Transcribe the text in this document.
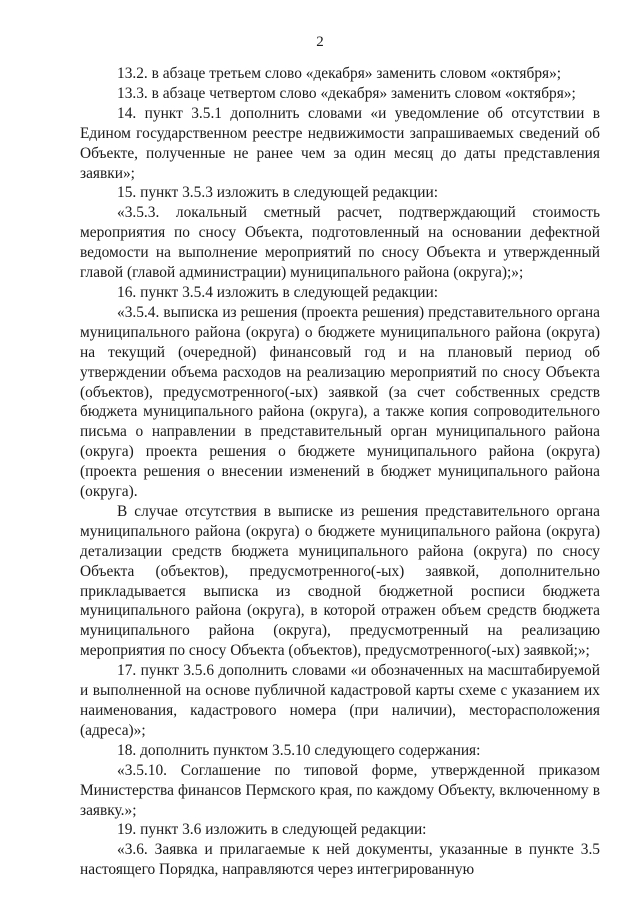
2

13.2. в абзаце третьем слово «декабря» заменить словом «октября»;

13.3. в абзаце четвертом слово «декабря» заменить словом «октября»;

14. пункт 3.5.1 дополнить словами «и уведомление об отсутствии в Едином государственном реестре недвижимости запрашиваемых сведений об Объекте, полученные не ранее чем за один месяц до даты представления заявки»;

15. пункт 3.5.3 изложить в следующей редакции:

«3.5.3. локальный сметный расчет, подтверждающий стоимость мероприятия по сносу Объекта, подготовленный на основании дефектной ведомости на выполнение мероприятий по сносу Объекта и утвержденный главой (главой администрации) муниципального района (округа);»;

16. пункт 3.5.4 изложить в следующей редакции:

«3.5.4. выписка из решения (проекта решения) представительного органа муниципального района (округа) о бюджете муниципального района (округа) на текущий (очередной) финансовый год и на плановый период об утверждении объема расходов на реализацию мероприятий по сносу Объекта (объектов), предусмотренного(-ых) заявкой (за счет собственных средств бюджета муниципального района (округа), а также копия сопроводительного письма о направлении в представительный орган муниципального района (округа) проекта решения о бюджете муниципального района (округа) (проекта решения о внесении изменений в бюджет муниципального района (округа).

В случае отсутствия в выписке из решения представительного органа муниципального района (округа) о бюджете муниципального района (округа) детализации средств бюджета муниципального района (округа) по сносу Объекта (объектов), предусмотренного(-ых) заявкой, дополнительно прикладывается выписка из сводной бюджетной росписи бюджета муниципального района (округа), в которой отражен объем средств бюджета муниципального района (округа), предусмотренный на реализацию мероприятия по сносу Объекта (объектов), предусмотренного(-ых) заявкой;»;

17. пункт 3.5.6 дополнить словами «и обозначенных на масштабируемой и выполненной на основе публичной кадастровой карты схеме с указанием их наименования, кадастрового номера (при наличии), месторасположения (адреса)»;

18. дополнить пунктом 3.5.10 следующего содержания:

«3.5.10. Соглашение по типовой форме, утвержденной приказом Министерства финансов Пермского края, по каждому Объекту, включенному в заявку.»;

19. пункт 3.6 изложить в следующей редакции:

«3.6. Заявка и прилагаемые к ней документы, указанные в пункте 3.5 настоящего Порядка, направляются через интегрированную
